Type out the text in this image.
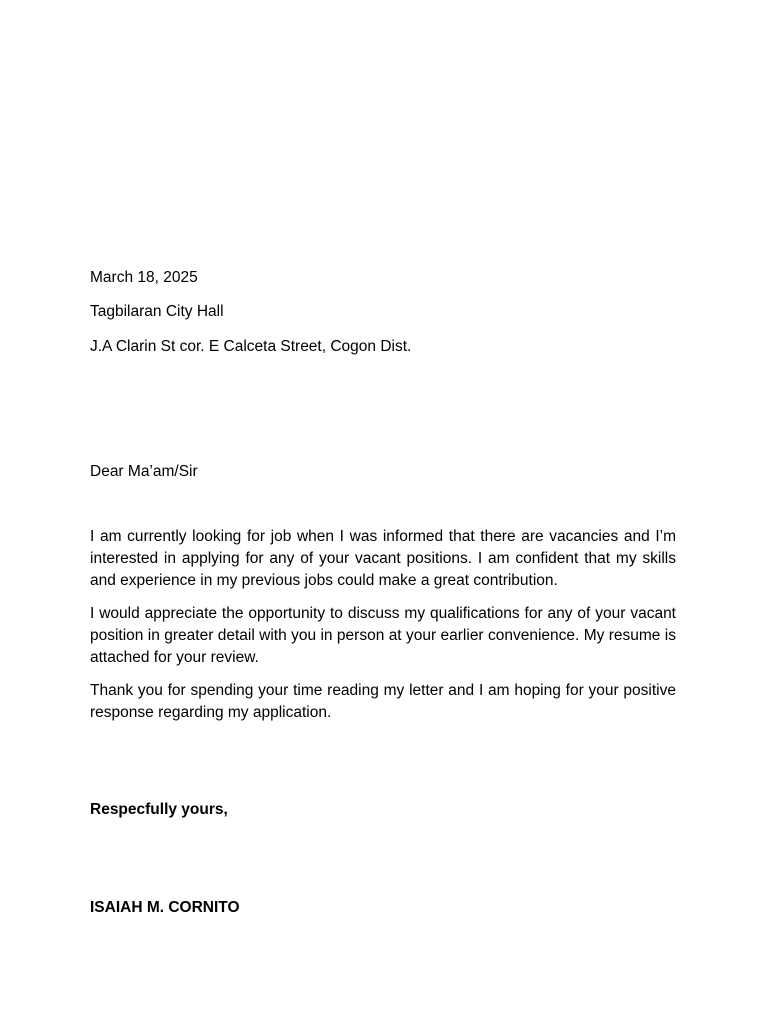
March 18, 2025
Tagbilaran City Hall
J.A Clarin St cor. E Calceta Street, Cogon Dist.
Dear Ma’am/Sir
I am currently looking for job when I was informed that there are vacancies and I’m interested in applying for any of your vacant positions. I am confident that my skills and experience in my previous jobs could make a great contribution.
I would appreciate the opportunity to discuss my qualifications for any of your vacant position in greater detail with you in person at your earlier convenience. My resume is attached for your review.
Thank you for spending your time reading my letter and I am hoping for your positive response regarding my application.
Respecfully yours,
ISAIAH M. CORNITO
